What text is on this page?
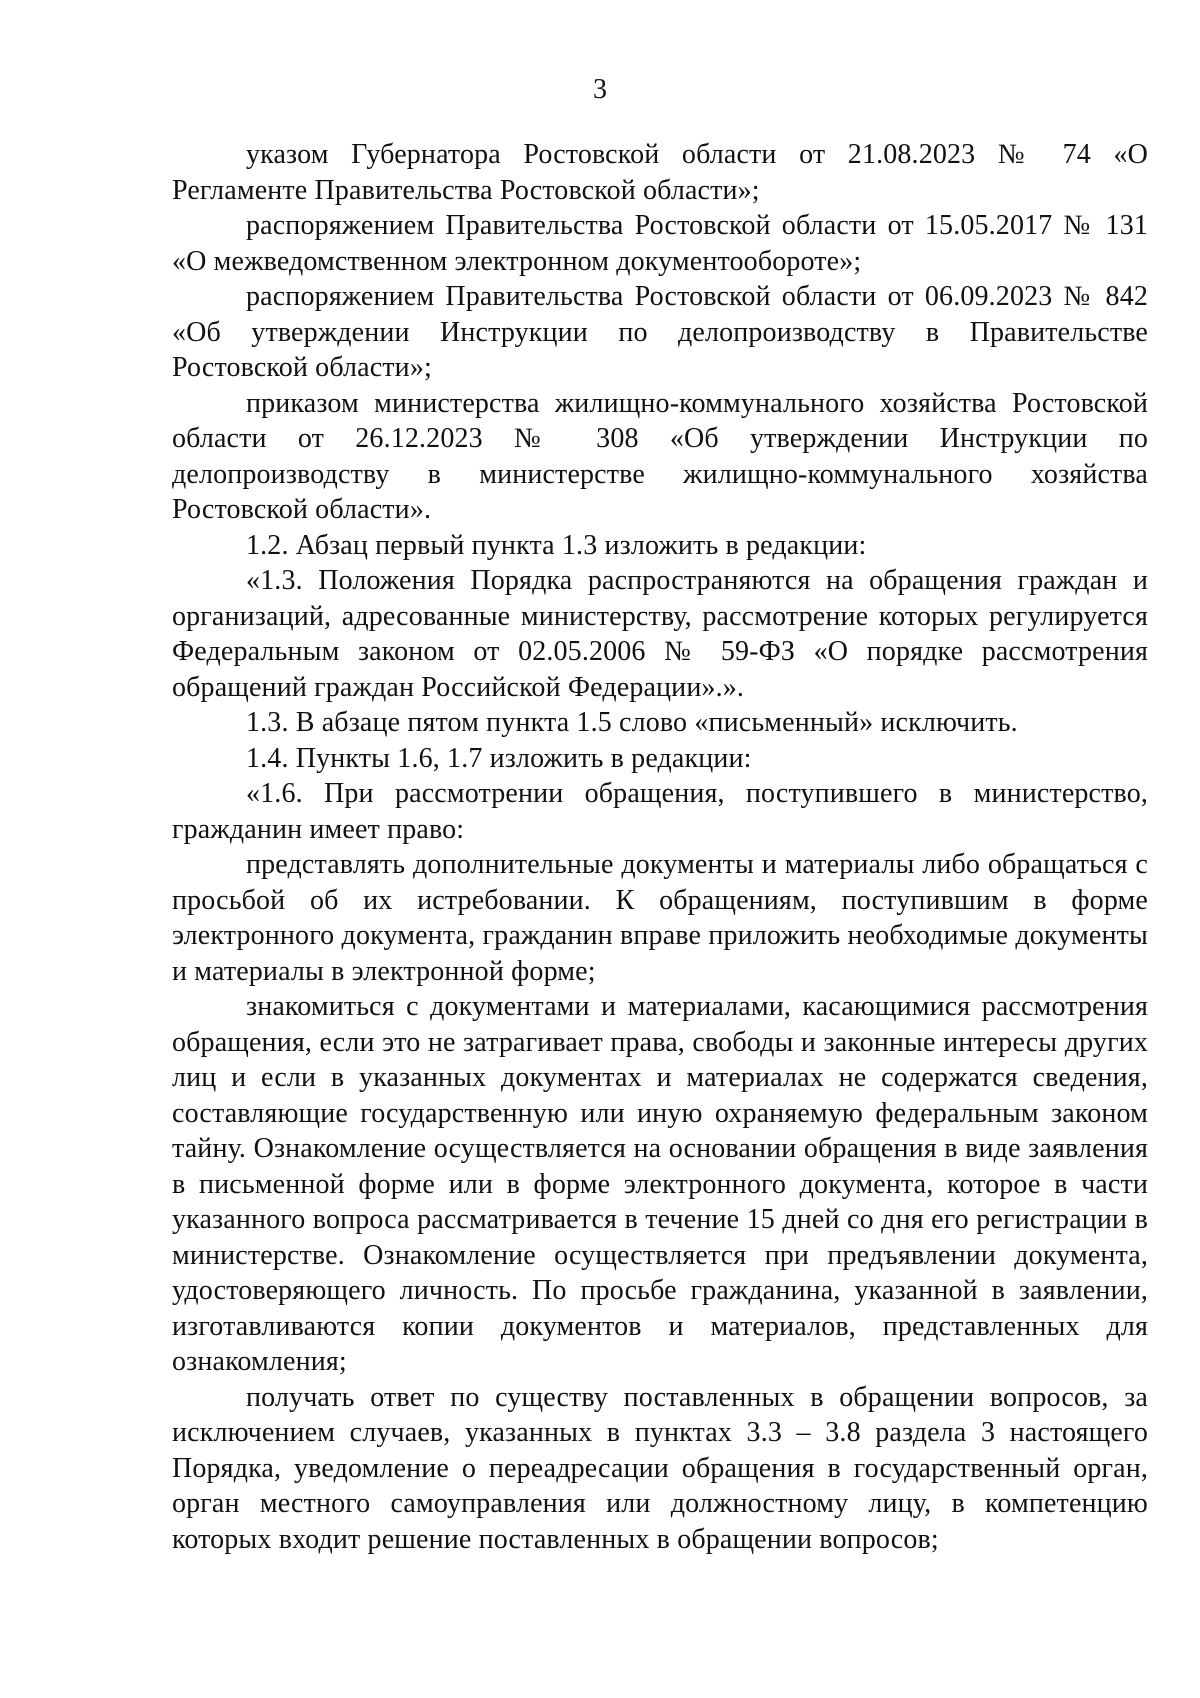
3

указом Губернатора Ростовской области от 21.08.2023 № 74 «О Регламенте Правительства Ростовской области»;

распоряжением Правительства Ростовской области от 15.05.2017 № 131 «О межведомственном электронном документообороте»;

распоряжением Правительства Ростовской области от 06.09.2023 № 842 «Об утверждении Инструкции по делопроизводству в Правительстве Ростовской области»;

приказом министерства жилищно-коммунального хозяйства Ростовской области от 26.12.2023 № 308 «Об утверждении Инструкции по делопроизводству в министерстве жилищно-коммунального хозяйства Ростовской области».

1.2. Абзац первый пункта 1.3 изложить в редакции:

«1.3. Положения Порядка распространяются на обращения граждан и организаций, адресованные министерству, рассмотрение которых регулируется Федеральным законом от 02.05.2006 № 59-ФЗ «О порядке рассмотрения обращений граждан Российской Федерации».».

1.3. В абзаце пятом пункта 1.5 слово «письменный» исключить.

1.4. Пункты 1.6, 1.7 изложить в редакции:

«1.6. При рассмотрении обращения, поступившего в министерство, гражданин имеет право:

представлять дополнительные документы и материалы либо обращаться с просьбой об их истребовании. К обращениям, поступившим в форме электронного документа, гражданин вправе приложить необходимые документы и материалы в электронной форме;

знакомиться с документами и материалами, касающимися рассмотрения обращения, если это не затрагивает права, свободы и законные интересы других лиц и если в указанных документах и материалах не содержатся сведения, составляющие государственную или иную охраняемую федеральным законом тайну. Ознакомление осуществляется на основании обращения в виде заявления в письменной форме или в форме электронного документа, которое в части указанного вопроса рассматривается в течение 15 дней со дня его регистрации в министерстве. Ознакомление осуществляется при предъявлении документа, удостоверяющего личность. По просьбе гражданина, указанной в заявлении, изготавливаются копии документов и материалов, представленных для ознакомления;

получать ответ по существу поставленных в обращении вопросов, за исключением случаев, указанных в пунктах 3.3 – 3.8 раздела 3 настоящего Порядка, уведомление о переадресации обращения в государственный орган, орган местного самоуправления или должностному лицу, в компетенцию которых входит решение поставленных в обращении вопросов;
